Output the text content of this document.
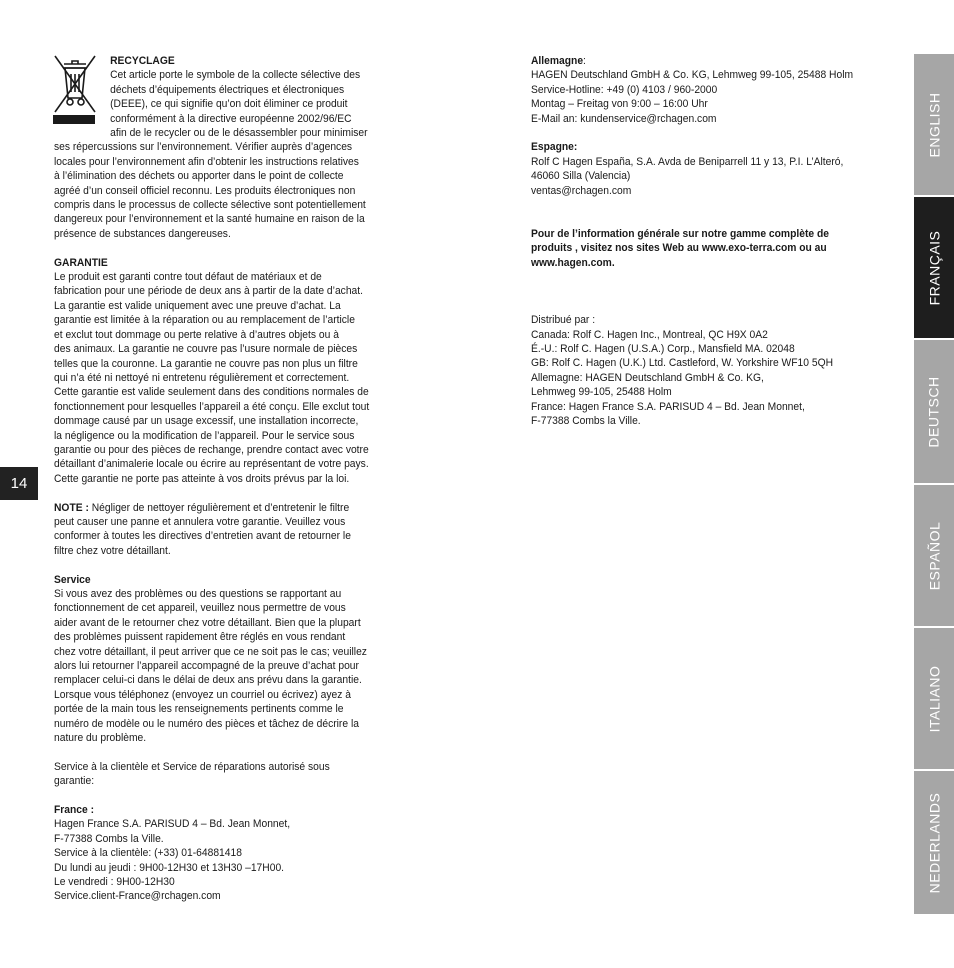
RECYCLAGE
Cet article porte le symbole de la collecte sélective des
déchets d’équipements électriques et électroniques
(DEEE), ce qui signifie qu’on doit éliminer ce produit
conformément à la directive européenne 2002/96/EC
afin de le recycler ou de le désassembler pour minimiser
ses répercussions sur l’environnement. Vérifier auprès d’agences
locales pour l’environnement afin d’obtenir les instructions relatives
à l’élimination des déchets ou apporter dans le point de collecte
agréé d’un conseil officiel reconnu. Les produits électroniques non
compris dans le processus de collecte sélective sont potentiellement
dangereux pour l’environnement et la santé humaine en raison de la
présence de substances dangereuses.
GARANTIE
Le produit est garanti contre tout défaut de matériaux et de
fabrication pour une période de deux ans à partir de la date d’achat.
La garantie est valide uniquement avec une preuve d’achat. La
garantie est limitée à la réparation ou au remplacement de l’article
et exclut tout dommage ou perte relative à d’autres objets ou à
des animaux. La garantie ne couvre pas l’usure normale de pièces
telles que la couronne. La garantie ne couvre pas non plus un filtre
qui n’a été ni nettoyé ni entretenu régulièrement et correctement.
Cette garantie est valide seulement dans des conditions normales de
fonctionnement pour lesquelles l’appareil a été conçu. Elle exclut tout
dommage causé par un usage excessif, une installation incorrecte,
la négligence ou la modification de l’appareil. Pour le service sous
garantie ou pour des pièces de rechange, prendre contact avec votre
détaillant d’animalerie locale ou écrire au représentant de votre pays.
Cette garantie ne porte pas atteinte à vos droits prévus par la loi.
NOTE : Négliger de nettoyer régulièrement et d’entretenir le filtre
peut causer une panne et annulera votre garantie. Veuillez vous
conformer à toutes les directives d’entretien avant de retourner le
filtre chez votre détaillant.
Service
Si vous avez des problèmes ou des questions se rapportant au
fonctionnement de cet appareil, veuillez nous permettre de vous
aider avant de le retourner chez votre détaillant. Bien que la plupart
des problèmes puissent rapidement être réglés en vous rendant
chez votre détaillant, il peut arriver que ce ne soit pas le cas; veuillez
alors lui retourner l’appareil accompagné de la preuve d’achat pour
remplacer celui-ci dans le délai de deux ans prévu dans la garantie.
Lorsque vous téléphonez (envoyez un courriel ou écrivez) ayez à
portée de la main tous les renseignements pertinents comme le
numéro de modèle ou le numéro des pièces et tâchez de décrire la
nature du problème.
Service à la clientèle et Service de réparations autorisé sous
garantie:
France :
Hagen France S.A. PARISUD 4 – Bd. Jean Monnet,
F-77388 Combs la Ville.
Service à la clientèle: (+33) 01-64881418
Du lundi au jeudi : 9H00-12H30 et 13H30 –17H00.
Le vendredi : 9H00-12H30
Service.client-France@rchagen.com
Allemagne:
HAGEN Deutschland GmbH & Co. KG, Lehmweg 99-105, 25488 Holm
Service-Hotline: +49 (0) 4103 / 960-2000
Montag – Freitag von 9:00 – 16:00 Uhr
E-Mail an: kundenservice@rchagen.com
Espagne:
Rolf C Hagen España, S.A. Avda de Beniparrell 11 y 13, P.I. L’Alteró,
46060 Silla (Valencia)
ventas@rchagen.com
Pour de l’information générale sur notre gamme complète de
produits , visitez nos sites Web au www.exo-terra.com ou au
www.hagen.com.
Distribué par :
Canada: Rolf C. Hagen Inc., Montreal, QC H9X 0A2
É.-U.: Rolf C. Hagen (U.S.A.) Corp., Mansfield MA. 02048
GB: Rolf C. Hagen (U.K.) Ltd. Castleford, W. Yorkshire WF10 5QH
Allemagne: HAGEN Deutschland GmbH & Co. KG,
Lehmweg 99-105, 25488 Holm
France: Hagen France S.A. PARISUD 4 – Bd. Jean Monnet,
F-77388 Combs la Ville.
14
ENGLISH
FRANÇAIS
DEUTSCH
ESPAÑOL
ITALIANO
NEDERLANDS
